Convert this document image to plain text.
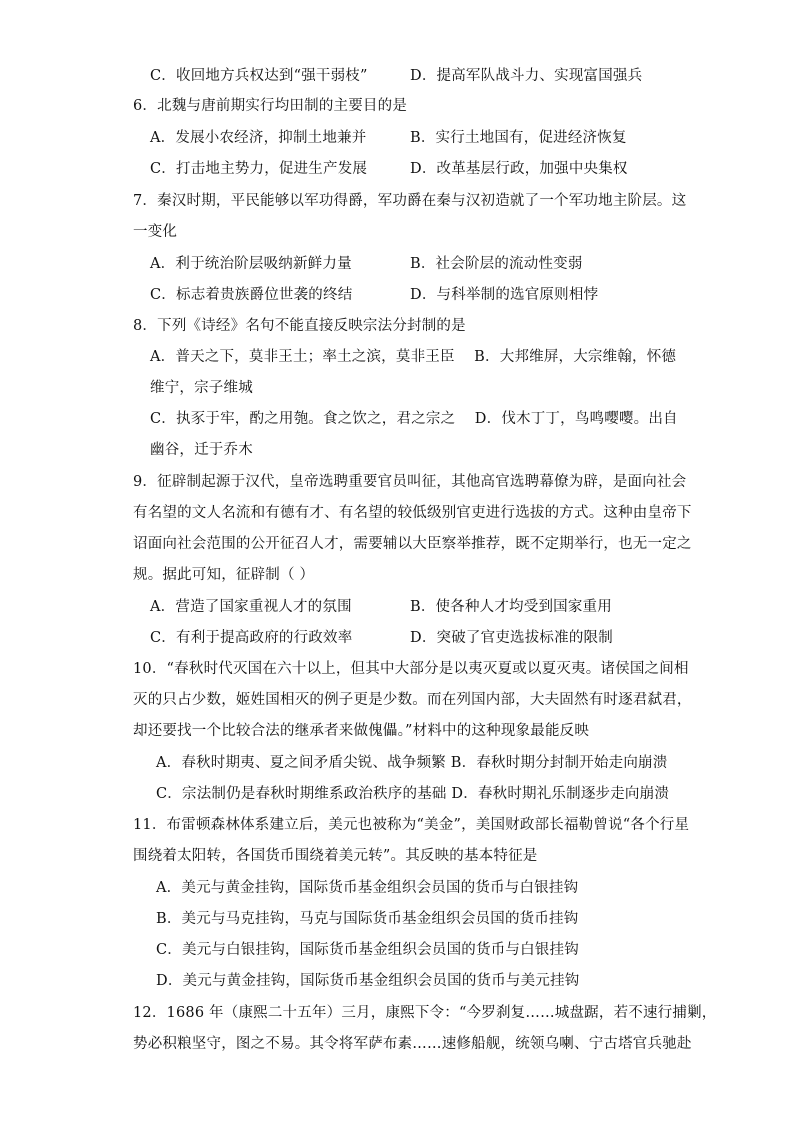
C．收回地方兵权达到“强干弱枝”	D．提高军队战斗力、实现富国强兵
6．北魏与唐前期实行均田制的主要目的是
A．发展小农经济，抑制土地兼并	B．实行土地国有，促进经济恢复
C．打击地主势力，促进生产发展	D．改革基层行政，加强中央集权
7．秦汉时期，平民能够以军功得爵，军功爵在秦与汉初造就了一个军功地主阶层。这
一变化
A．利于统治阶层吸纳新鲜力量	B．社会阶层的流动性变弱
C．标志着贵族爵位世袭的终结	D．与科举制的选官原则相悖
8．下列《诗经》名句不能直接反映宗法分封制的是
A．普天之下，莫非王土；率土之滨，莫非王臣　 B．大邦维屏，大宗维翰，怀德
维宁，宗子维城
C．执豕于牢，酌之用匏。食之饮之，君之宗之　 D．伐木丁丁，鸟鸣嘤嘤。出自
幽谷，迁于乔木
9．征辟制起源于汉代，皇帝选聘重要官员叫征，其他高官选聘幕僚为辟，是面向社会
有名望的文人名流和有德有才、有名望的较低级别官吏进行选拔的方式。这种由皇帝下
诏面向社会范围的公开征召人才，需要辅以大臣察举推荐，既不定期举行，也无一定之
规。据此可知，征辟制（ ）
A．营造了国家重视人才的氛围	B．使各种人才均受到国家重用
C．有利于提高政府的行政效率	D．突破了官吏选拔标准的限制
10．“春秋时代灭国在六十以上，但其中大部分是以夷灭夏或以夏灭夷。诸侯国之间相
灭的只占少数，姬姓国相灭的例子更是少数。而在列国内部，大夫固然有时逐君弑君，
却还要找一个比较合法的继承者来做傀儡。”材料中的这种现象最能反映
A．春秋时期夷、夏之间矛盾尖锐、战争频繁 B．春秋时期分封制开始走向崩溃
C．宗法制仍是春秋时期维系政治秩序的基础 D．春秋时期礼乐制逐步走向崩溃
11．布雷顿森林体系建立后，美元也被称为“美金”，美国财政部长福勒曾说“各个行星
围绕着太阳转，各国货币围绕着美元转”。其反映的基本特征是
A．美元与黄金挂钩，国际货币基金组织会员国的货币与白银挂钩
B．美元与马克挂钩，马克与国际货币基金组织会员国的货币挂钩
C．美元与白银挂钩，国际货币基金组织会员国的货币与白银挂钩
D．美元与黄金挂钩，国际货币基金组织会员国的货币与美元挂钩
12．1686 年（康熙二十五年）三月，康熙下令：“今罗刹复……城盘踞，若不速行捕剿，
势必积粮坚守，图之不易。其令将军萨布素……速修船舰，统领乌喇、宁古塔官兵驰赴
